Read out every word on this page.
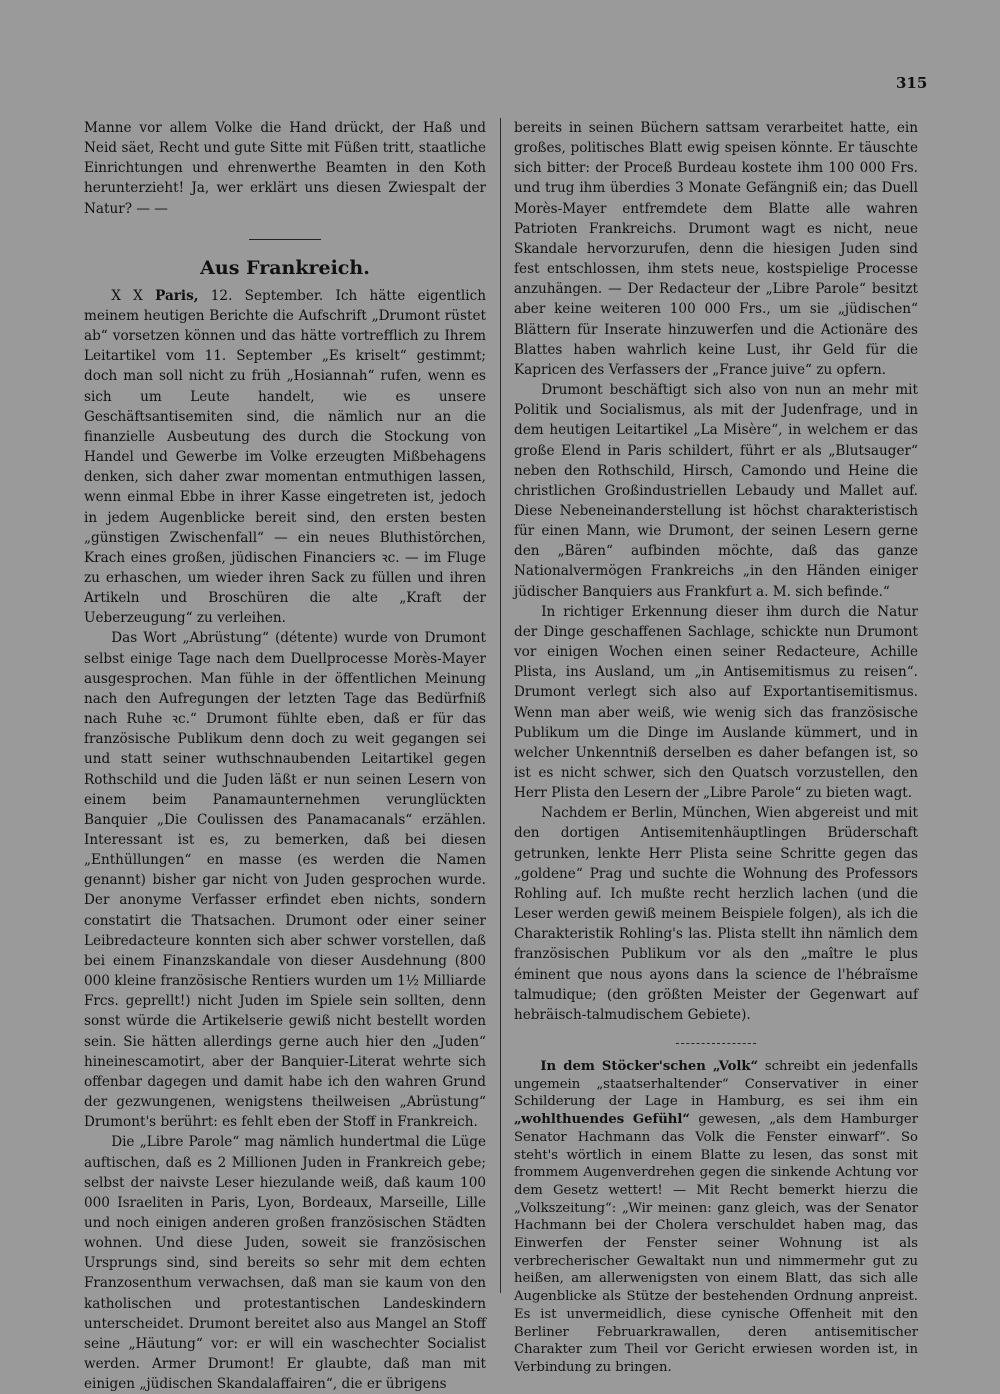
315

Manne vor allem Volke die Hand drückt, der Haß und Neid säet, Recht und gute Sitte mit Füßen tritt, staatliche Einrichtungen und ehrenwerthe Beamten in den Koth herunterzieht! Ja, wer erklärt uns diesen Zwiespalt der Natur? — —

Aus Frankreich.

X X Paris, 12. September. Ich hätte eigentlich meinem heutigen Berichte die Aufschrift „Drumont rüstet ab“ vorsetzen können und das hätte vortrefflich zu Ihrem Leitartikel vom 11. September „Es kriselt“ gestimmt; doch man soll nicht zu früh „Hosiannah“ rufen, wenn es sich um Leute handelt, wie es unsere Geschäftsantisemiten sind, die nämlich nur an die finanzielle Ausbeutung des durch die Stockung von Handel und Gewerbe im Volke erzeugten Mißbehagens denken, sich daher zwar momentan entmuthigen lassen, wenn einmal Ebbe in ihrer Kasse eingetreten ist, jedoch in jedem Augenblicke bereit sind, den ersten besten „günstigen Zwischenfall“ — ein neues Bluthistörchen, Krach eines großen, jüdischen Financiers ꝛc. — im Fluge zu erhaschen, um wieder ihren Sack zu füllen und ihren Artikeln und Broschüren die alte „Kraft der Ueberzeugung“ zu verleihen.

Das Wort „Abrüstung“ (détente) wurde von Drumont selbst einige Tage nach dem Duellprocesse Morès-Mayer ausgesprochen. Man fühle in der öffentlichen Meinung nach den Aufregungen der letzten Tage das Bedürfniß nach Ruhe ꝛc.“ Drumont fühlte eben, daß er für das französische Publikum denn doch zu weit gegangen sei und statt seiner wuthschnaubenden Leitartikel gegen Rothschild und die Juden läßt er nun seinen Lesern von einem beim Panamaunternehmen verunglückten Banquier „Die Coulissen des Panamacanals“ erzählen. Interessant ist es, zu bemerken, daß bei diesen „Enthüllungen“ en masse (es werden die Namen genannt) bisher gar nicht von Juden gesprochen wurde. Der anonyme Verfasser erfindet eben nichts, sondern constatirt die Thatsachen. Drumont oder einer seiner Leibredacteure konnten sich aber schwer vorstellen, daß bei einem Finanzskandale von dieser Ausdehnung (800 000 kleine französische Rentiers wurden um 1½ Milliarde Frcs. geprellt!) nicht Juden im Spiele sein sollten, denn sonst würde die Artikelserie gewiß nicht bestellt worden sein. Sie hätten allerdings gerne auch hier den „Juden“ hineinescamotirt, aber der Banquier-Literat wehrte sich offenbar dagegen und damit habe ich den wahren Grund der gezwungenen, wenigstens theilweisen „Abrüstung“ Drumont's berührt: es fehlt eben der Stoff in Frankreich.

Die „Libre Parole“ mag nämlich hundertmal die Lüge auftischen, daß es 2 Millionen Juden in Frankreich gebe; selbst der naivste Leser hiezulande weiß, daß kaum 100 000 Israeliten in Paris, Lyon, Bordeaux, Marseille, Lille und noch einigen anderen großen französischen Städten wohnen. Und diese Juden, soweit sie französischen Ursprungs sind, sind bereits so sehr mit dem echten Franzosenthum verwachsen, daß man sie kaum von den katholischen und protestantischen Landeskindern unterscheidet. Drumont bereitet also aus Mangel an Stoff seine „Häutung“ vor: er will ein waschechter Socialist werden. Armer Drumont! Er glaubte, daß man mit einigen „jüdischen Skandalaffairen“, die er übrigens

bereits in seinen Büchern sattsam verarbeitet hatte, ein großes, politisches Blatt ewig speisen könnte. Er täuschte sich bitter: der Proceß Burdeau kostete ihm 100 000 Frs. und trug ihm überdies 3 Monate Gefängniß ein; das Duell Morès-Mayer entfremdete dem Blatte alle wahren Patrioten Frankreichs. Drumont wagt es nicht, neue Skandale hervorzurufen, denn die hiesigen Juden sind fest entschlossen, ihm stets neue, kostspielige Processe anzuhängen. — Der Redacteur der „Libre Parole“ besitzt aber keine weiteren 100 000 Frs., um sie „jüdischen“ Blättern für Inserate hinzuwerfen und die Actionäre des Blattes haben wahrlich keine Lust, ihr Geld für die Kapricen des Verfassers der „France juive“ zu opfern.

Drumont beschäftigt sich also von nun an mehr mit Politik und Socialismus, als mit der Judenfrage, und in dem heutigen Leitartikel „La Misère“, in welchem er das große Elend in Paris schildert, führt er als „Blutsauger“ neben den Rothschild, Hirsch, Camondo und Heine die christlichen Großindustriellen Lebaudy und Mallet auf. Diese Nebeneinanderstellung ist höchst charakteristisch für einen Mann, wie Drumont, der seinen Lesern gerne den „Bären“ aufbinden möchte, daß das ganze Nationalvermögen Frankreichs „in den Händen einiger jüdischer Banquiers aus Frankfurt a. M. sich befinde.“

In richtiger Erkennung dieser ihm durch die Natur der Dinge geschaffenen Sachlage, schickte nun Drumont vor einigen Wochen einen seiner Redacteure, Achille Plista, ins Ausland, um „in Antisemitismus zu reisen“. Drumont verlegt sich also auf Exportantisemitismus. Wenn man aber weiß, wie wenig sich das französische Publikum um die Dinge im Auslande kümmert, und in welcher Unkenntniß derselben es daher befangen ist, so ist es nicht schwer, sich den Quatsch vorzustellen, den Herr Plista den Lesern der „Libre Parole“ zu bieten wagt.

Nachdem er Berlin, München, Wien abgereist und mit den dortigen Antisemitenhäuptlingen Brüderschaft getrunken, lenkte Herr Plista seine Schritte gegen das „goldene“ Prag und suchte die Wohnung des Professors Rohling auf. Ich mußte recht herzlich lachen (und die Leser werden gewiß meinem Beispiele folgen), als ich die Charakteristik Rohling's las. Plista stellt ihn nämlich dem französischen Publikum vor als den „maître le plus éminent que nous ayons dans la science de l'hébraïsme talmudique; (den größten Meister der Gegenwart auf hebräisch-talmudischem Gebiete).

In dem Stöcker'schen „Volk“ schreibt ein jedenfalls ungemein „staatserhaltender“ Conservativer in einer Schilderung der Lage in Hamburg, es sei ihm ein „wohlthuendes Gefühl“ gewesen, „als dem Hamburger Senator Hachmann das Volk die Fenster einwarf“. So steht's wörtlich in einem Blatte zu lesen, das sonst mit frommem Augenverdrehen gegen die sinkende Achtung vor dem Gesetz wettert! — Mit Recht bemerkt hierzu die „Volkszeitung“: „Wir meinen: ganz gleich, was der Senator Hachmann bei der Cholera verschuldet haben mag, das Einwerfen der Fenster seiner Wohnung ist als verbrecherischer Gewaltakt nun und nimmermehr gut zu heißen, am allerwenigsten von einem Blatt, das sich alle Augenblicke als Stütze der bestehenden Ordnung anpreist. Es ist unvermeidlich, diese cynische Offenheit mit den Berliner Februarkrawallen, deren antisemitischer Charakter zum Theil vor Gericht erwiesen worden ist, in Verbindung zu bringen.
